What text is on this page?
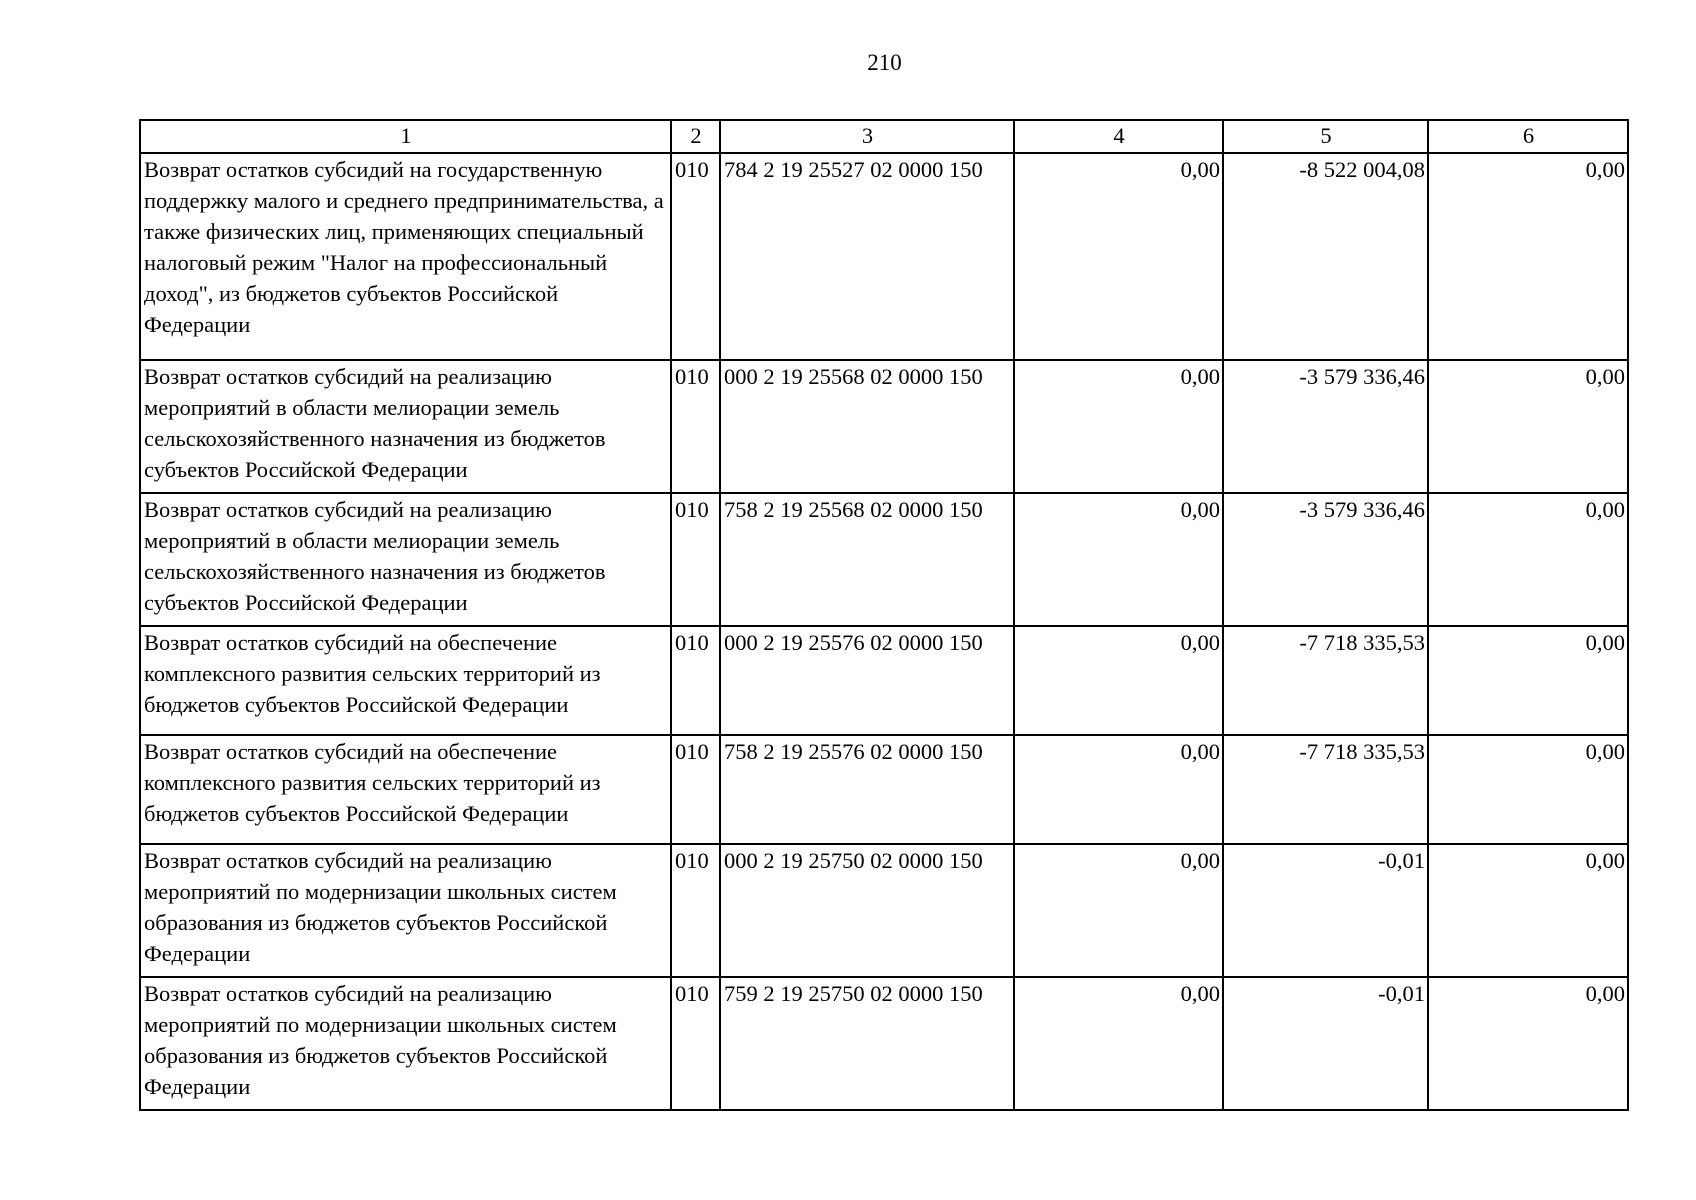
210
1	2	3	4	5	6
Возврат остатков субсидий на государственную поддержку малого и среднего предпринимательства, а также физических лиц, применяющих специальный налоговый режим "Налог на профессиональный доход", из бюджетов субъектов Российской Федерации	010	784 2 19 25527 02 0000 150	0,00	-8 522 004,08	0,00
Возврат остатков субсидий на реализацию мероприятий в области мелиорации земель сельскохозяйственного назначения из бюджетов субъектов Российской Федерации	010	000 2 19 25568 02 0000 150	0,00	-3 579 336,46	0,00
Возврат остатков субсидий на реализацию мероприятий в области мелиорации земель сельскохозяйственного назначения из бюджетов субъектов Российской Федерации	010	758 2 19 25568 02 0000 150	0,00	-3 579 336,46	0,00
Возврат остатков субсидий на обеспечение комплексного развития сельских территорий из бюджетов субъектов Российской Федерации	010	000 2 19 25576 02 0000 150	0,00	-7 718 335,53	0,00
Возврат остатков субсидий на обеспечение комплексного развития сельских территорий из бюджетов субъектов Российской Федерации	010	758 2 19 25576 02 0000 150	0,00	-7 718 335,53	0,00
Возврат остатков субсидий на реализацию мероприятий по модернизации школьных систем образования из бюджетов субъектов Российской Федерации	010	000 2 19 25750 02 0000 150	0,00	-0,01	0,00
Возврат остатков субсидий на реализацию мероприятий по модернизации школьных систем образования из бюджетов субъектов Российской Федерации	010	759 2 19 25750 02 0000 150	0,00	-0,01	0,00
